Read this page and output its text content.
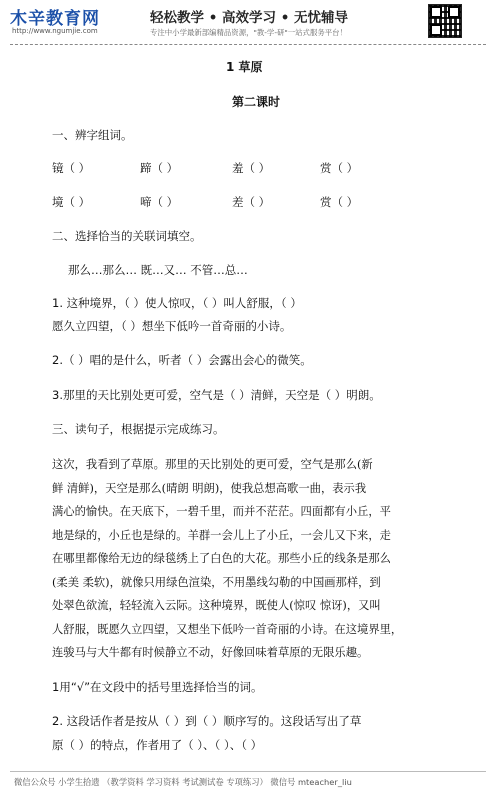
木辛教育网
http://www.ngumjie.com
轻松教学 • 高效学习 • 无忧辅导
专注中小学最新部编精品资源，"教-学-研"一站式服务平台！
1 草原
第二课时
一、辨字组词。
镜（ ）	蹄（ ）	羞（ ）	赏（ ）
境（ ）	啼（ ）	差（ ）	赏（ ）
二、选择恰当的关联词填空。
那么…那么… 既…又… 不管…总…
1. 这种境界，（ ）使人惊叹，（ ）叫人舒服，（ ）
愿久立四望，（ ）想坐下低吟一首奇丽的小诗。
2.（ ）唱的是什么，听者（ ）会露出会心的微笑。
3.那里的天比别处更可爱，空气是（ ）清鲜，天空是（ ）明朗。
三、读句子，根据提示完成练习。
这次，我看到了草原。那里的天比别处的更可爱，空气是那么(新
鲜 清鲜)，天空是那么(晴朗 明朗)，使我总想高歌一曲，表示我
满心的愉快。在天底下，一碧千里，而并不茫茫。四面都有小丘，平
地是绿的，小丘也是绿的。羊群一会儿上了小丘，一会儿又下来，走
在哪里都像给无边的绿毯绣上了白色的大花。那些小丘的线条是那么
(柔美 柔软)，就像只用绿色渲染，不用墨线勾勒的中国画那样，到
处翠色欲流，轻轻流入云际。这种境界，既使人(惊叹 惊讶)，又叫
人舒服，既愿久立四望，又想坐下低吟一首奇丽的小诗。在这境界里，
连骏马与大牛都有时候静立不动，好像回味着草原的无限乐趣。
1用“√”在文段中的括号里选择恰当的词。
2. 这段话作者是按从（ ）到（ ）顺序写的。这段话写出了草
原（ ）的特点，作者用了（ ）、（ ）、（ ）
微信公众号 小学生拾遗 （教学资料 学习资料 考试测试卷 专项练习） 微信号 mteacher_liu
